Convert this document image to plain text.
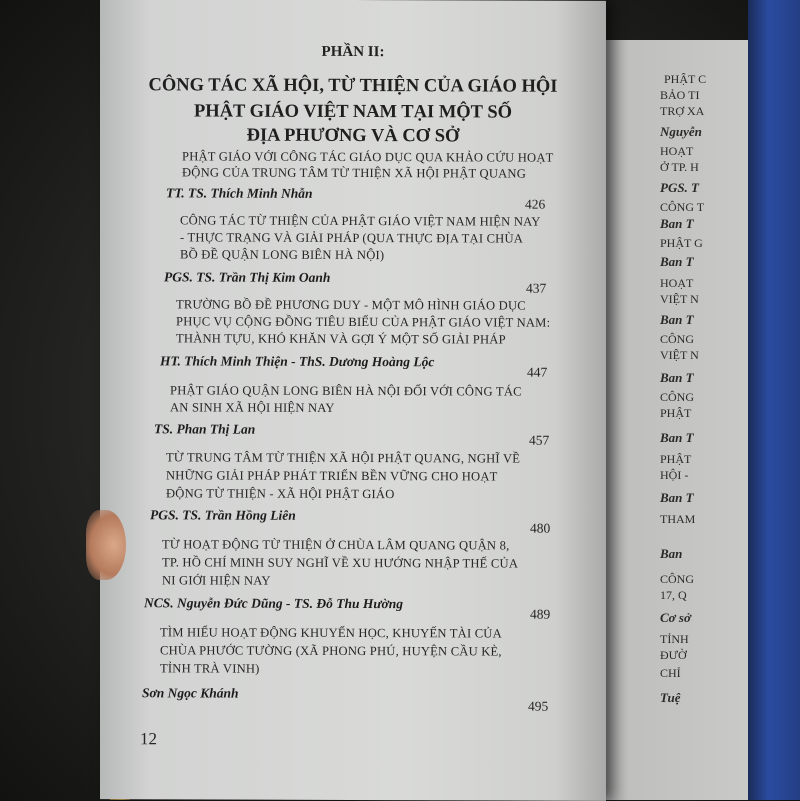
PHẬT C
BẢO TI
TRỢ XA
Nguyễn
HOẠT
Ở TP. H
PGS. T
CÔNG T
Ban T
PHẬT G
Ban T
HOẠT
VIỆT N
Ban T
CÔNG
VIỆT N
Ban T
CÔNG
PHẬT
Ban T
PHẬT
HỘI -
Ban T
THAM
Ban
CÔNG
17, Q
Cơ sở
TỈNH
ĐƯỜ
CHỈ
Tuệ
PHẦN II:
CÔNG TÁC XÃ HỘI, TỪ THIỆN CỦA GIÁO HỘI
PHẬT GIÁO VIỆT NAM TẠI MỘT SỐ
ĐỊA PHƯƠNG VÀ CƠ SỞ
PHẬT GIÁO VỚI CÔNG TÁC GIÁO DỤC QUA KHẢO CỨU HOẠT
ĐỘNG CỦA TRUNG TÂM TỪ THIỆN XÃ HỘI PHẬT QUANG
TT. TS. Thích Minh Nhẫn
426
CÔNG TÁC TỪ THIỆN CỦA PHẬT GIÁO VIỆT NAM HIỆN NAY
- THỰC TRẠNG VÀ GIẢI PHÁP (QUA THỰC ĐỊA TẠI CHÙA
BỒ ĐỀ QUẬN LONG BIÊN HÀ NỘI)
PGS. TS. Trần Thị Kim Oanh
437
TRƯỜNG BỒ ĐỀ PHƯƠNG DUY - MỘT MÔ HÌNH GIÁO DỤC
PHỤC VỤ CỘNG ĐỒNG TIÊU BIỂU CỦA PHẬT GIÁO VIỆT NAM:
THÀNH TỰU, KHÓ KHĂN VÀ GỢI Ý MỘT SỐ GIẢI PHÁP
HT. Thích Minh Thiện - ThS. Dương Hoàng Lộc
447
PHẬT GIÁO QUẬN LONG BIÊN HÀ NỘI ĐỐI VỚI CÔNG TÁC
AN SINH XÃ HỘI HIỆN NAY
TS. Phan Thị Lan
457
TỪ TRUNG TÂM TỪ THIỆN XÃ HỘI PHẬT QUANG, NGHĨ VỀ
NHỮNG GIẢI PHÁP PHÁT TRIỂN BỀN VỮNG CHO HOẠT
ĐỘNG TỪ THIỆN - XÃ HỘI PHẬT GIÁO
PGS. TS. Trần Hồng Liên
480
TỪ HOẠT ĐỘNG TỪ THIỆN Ở CHÙA LÂM QUANG QUẬN 8,
TP. HỒ CHÍ MINH SUY NGHĨ VỀ XU HƯỚNG NHẬP THẾ CỦA
NI GIỚI HIỆN NAY
NCS. Nguyễn Đức Dũng - TS. Đỗ Thu Hường
489
TÌM HIỂU HOẠT ĐỘNG KHUYẾN HỌC, KHUYẾN TÀI CỦA
CHÙA PHƯỚC TƯỜNG (XÃ PHONG PHÚ, HUYỆN CẦU KÈ,
TỈNH TRÀ VINH)
Sơn Ngọc Khánh
495
12
